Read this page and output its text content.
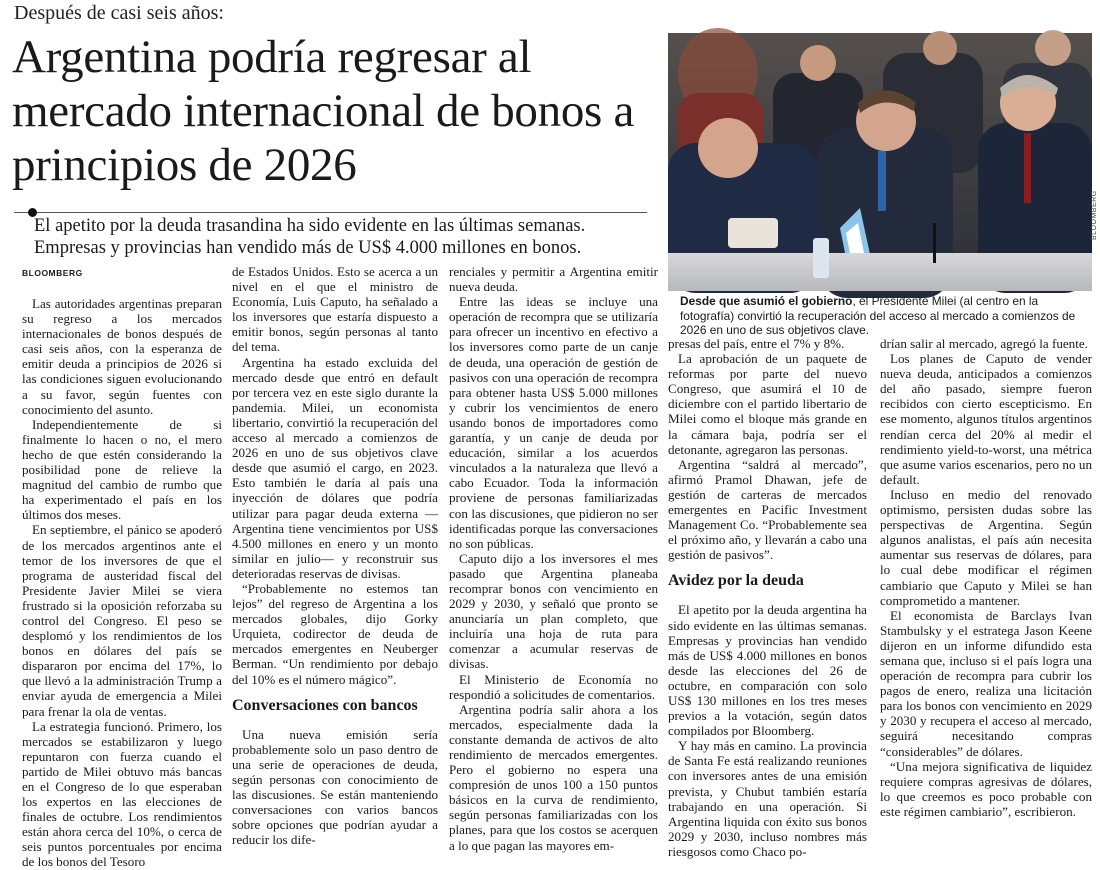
Después de casi seis años:
Argentina podría regresar al mercado internacional de bonos a principios de 2026
El apetito por la deuda trasandina ha sido evidente en las últimas semanas. Empresas y provincias han vendido más de US$ 4.000 millones en bonos.
BLOOMBERG
BLOOMBERG
Desde que asumió el gobierno, el Presidente Milei (al centro en la fotografía) convirtió la recuperación del acceso al mercado a comienzos de 2026 en uno de sus objetivos clave.

Las autoridades argentinas preparan su regreso a los mercados internacionales de bonos después de casi seis años, con la esperanza de emitir deuda a principios de 2026 si las condiciones siguen evolucionando a su favor, según fuentes con conocimiento del asunto.

Independientemente de si finalmente lo hacen o no, el mero hecho de que estén considerando la posibilidad pone de relieve la magnitud del cambio de rumbo que ha experimentado el país en los últimos dos meses.

En septiembre, el pánico se apoderó de los mercados argentinos ante el temor de los inversores de que el programa de austeridad fiscal del Presidente Javier Milei se viera frustrado si la oposición reforzaba su control del Congreso. El peso se desplomó y los rendimientos de los bonos en dólares del país se dispararon por encima del 17%, lo que llevó a la administración Trump a enviar ayuda de emergencia a Milei para frenar la ola de ventas.

La estrategia funcionó. Primero, los mercados se estabilizaron y luego repuntaron con fuerza cuando el partido de Milei obtuvo más bancas en el Congreso de lo que esperaban los expertos en las elecciones de finales de octubre. Los rendimientos están ahora cerca del 10%, o cerca de seis puntos porcentuales por encima de los bonos del Tesoro

de Estados Unidos. Esto se acerca a un nivel en el que el ministro de Economía, Luis Caputo, ha señalado a los inversores que estaría dispuesto a emitir bonos, según personas al tanto del tema.

Argentina ha estado excluida del mercado desde que entró en default por tercera vez en este siglo durante la pandemia. Milei, un economista libertario, convirtió la recuperación del acceso al mercado a comienzos de 2026 en uno de sus objetivos clave desde que asumió el cargo, en 2023. Esto también le daría al país una inyección de dólares que podría utilizar para pagar deuda externa —Argentina tiene vencimientos por US$ 4.500 millones en enero y un monto similar en julio— y reconstruir sus deterioradas reservas de divisas.

“Probablemente no estemos tan lejos” del regreso de Argentina a los mercados globales, dijo Gorky Urquieta, codirector de deuda de mercados emergentes en Neuberger Berman. “Un rendimiento por debajo del 10% es el número mágico”.

Conversaciones con bancos

Una nueva emisión sería probablemente solo un paso dentro de una serie de operaciones de deuda, según personas con conocimiento de las discusiones. Se están manteniendo conversaciones con varios bancos sobre opciones que podrían ayudar a reducir los dife-

renciales y permitir a Argentina emitir nueva deuda.

Entre las ideas se incluye una operación de recompra que se utilizaría para ofrecer un incentivo en efectivo a los inversores como parte de un canje de deuda, una operación de gestión de pasivos con una operación de recompra para obtener hasta US$ 5.000 millones y cubrir los vencimientos de enero usando bonos de importadores como garantía, y un canje de deuda por educación, similar a los acuerdos vinculados a la naturaleza que llevó a cabo Ecuador. Toda la información proviene de personas familiarizadas con las discusiones, que pidieron no ser identificadas porque las conversaciones no son públicas.

Caputo dijo a los inversores el mes pasado que Argentina planeaba recomprar bonos con vencimiento en 2029 y 2030, y señaló que pronto se anunciaría un plan completo, que incluiría una hoja de ruta para comenzar a acumular reservas de divisas.

El Ministerio de Economía no respondió a solicitudes de comentarios.

Argentina podría salir ahora a los mercados, especialmente dada la constante demanda de activos de alto rendimiento de mercados emergentes. Pero el gobierno no espera una compresión de unos 100 a 150 puntos básicos en la curva de rendimiento, según personas familiarizadas con los planes, para que los costos se acerquen a lo que pagan las mayores em-

presas del país, entre el 7% y 8%.

La aprobación de un paquete de reformas por parte del nuevo Congreso, que asumirá el 10 de diciembre con el partido libertario de Milei como el bloque más grande en la cámara baja, podría ser el detonante, agregaron las personas.

Argentina “saldrá al mercado”, afirmó Pramol Dhawan, jefe de gestión de carteras de mercados emergentes en Pacific Investment Management Co. “Probablemente sea el próximo año, y llevarán a cabo una gestión de pasivos”.

Avidez por la deuda

El apetito por la deuda argentina ha sido evidente en las últimas semanas. Empresas y provincias han vendido más de US$ 4.000 millones en bonos desde las elecciones del 26 de octubre, en comparación con solo US$ 130 millones en los tres meses previos a la votación, según datos compilados por Bloomberg.

Y hay más en camino. La provincia de Santa Fe está realizando reuniones con inversores antes de una emisión prevista, y Chubut también estaría trabajando en una operación. Si Argentina liquida con éxito sus bonos 2029 y 2030, incluso nombres más riesgosos como Chaco po-

drían salir al mercado, agregó la fuente.

Los planes de Caputo de vender nueva deuda, anticipados a comienzos del año pasado, siempre fueron recibidos con cierto escepticismo. En ese momento, algunos títulos argentinos rendían cerca del 20% al medir el rendimiento yield-to-worst, una métrica que asume varios escenarios, pero no un default.

Incluso en medio del renovado optimismo, persisten dudas sobre las perspectivas de Argentina. Según algunos analistas, el país aún necesita aumentar sus reservas de dólares, para lo cual debe modificar el régimen cambiario que Caputo y Milei se han comprometido a mantener.

El economista de Barclays Ivan Stambulsky y el estratega Jason Keene dijeron en un informe difundido esta semana que, incluso si el país logra una operación de recompra para cubrir los pagos de enero, realiza una licitación para los bonos con vencimiento en 2029 y 2030 y recupera el acceso al mercado, seguirá necesitando compras “considerables” de dólares.

“Una mejora significativa de liquidez requiere compras agresivas de dólares, lo que creemos es poco probable con este régimen cambiario”, escribieron.
